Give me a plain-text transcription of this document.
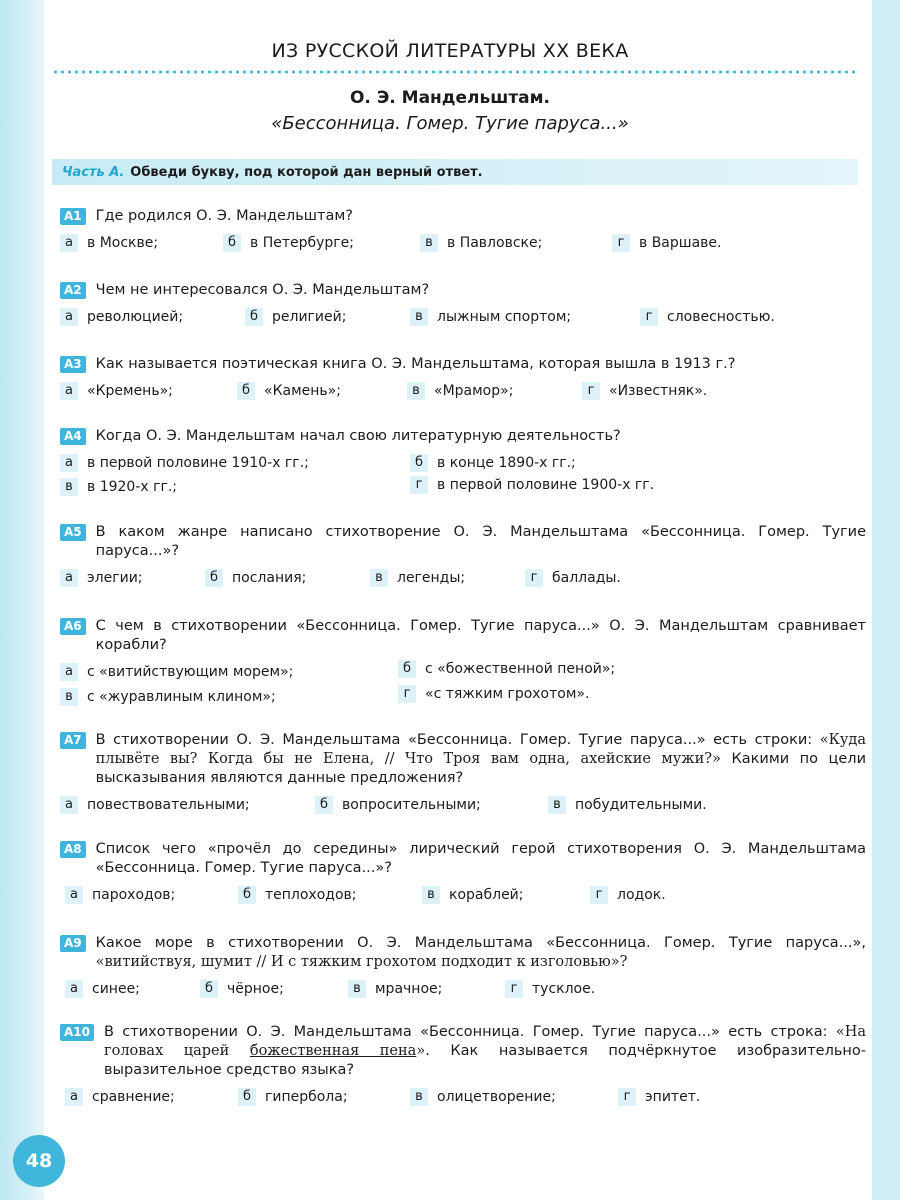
ИЗ РУССКОЙ ЛИТЕРАТУРЫ XX ВЕКА
О. Э. Мандельштам.
«Бессонница. Гомер. Тугие паруса...»
Часть А. Обведи букву, под которой дан верный ответ.
А1 Где родился О. Э. Мандельштам?
а	в Москве;	б в Петербурге;	в	в Павловске;	г	в Варшаве.
А2 Чем не интересовался О. Э. Мандельштам?
а	революцией;	б религией;	в	лыжным спортом;	г	словесностью.
А3 Как называется поэтическая книга О. Э. Мандельштама, которая вышла в 1913 г.?
а	«Кремень»;	б «Камень»;	в	«Мрамор»;	г	«Известняк».
А4 Когда О. Э. Мандельштам начал свою литературную деятельность?
а	в первой половине 1910-х гг.;	б в конце 1890-х гг.;
в	в 1920-х гг.;	г	в первой половине 1900-х гг.
А5 В каком жанре написано стихотворение О. Э. Мандельштама «Бессонница. Гомер. Тугие паруса...»?
а	элегии;	б послания;	в	легенды;	г	баллады.
А6 С чем в стихотворении «Бессонница. Гомер. Тугие паруса...» О. Э. Мандельштам сравнивает корабли?
а	с «витийствующим морем»;	б с «божественной пеной»;
в	с «журавлиным клином»;	г	«с тяжким грохотом».
А7 В стихотворении О. Э. Мандельштама «Бессонница. Гомер. Тугие паруса...» есть строки: «Куда плывёте вы? Когда бы не Елена, // Что Троя вам одна, ахейские мужи?» Какими по цели высказывания являются данные предложения?
а	повествовательными;	б вопросительными;	в	побудительными.
А8 Список чего «прочёл до середины» лирический герой стихотворения О. Э. Мандельштама «Бессонница. Гомер. Тугие паруса...»?
а	пароходов;	б теплоходов;	в	кораблей;	г	лодок.
А9 Какое море в стихотворении О. Э. Мандельштама «Бессонница. Гомер. Тугие паруса...», «витийствуя, шумит // И с тяжким грохотом подходит к изголовью»?
а	синее;	б чёрное;	в	мрачное;	г	тусклое.
А10 В стихотворении О. Э. Мандельштама «Бессонница. Гомер. Тугие паруса...» есть строка: «На головах царей божественная пена». Как называется подчёркнутое изобразительно-выразительное средство языка?
а	сравнение;	б гипербола;	в	олицетворение;	г	эпитет.
48
